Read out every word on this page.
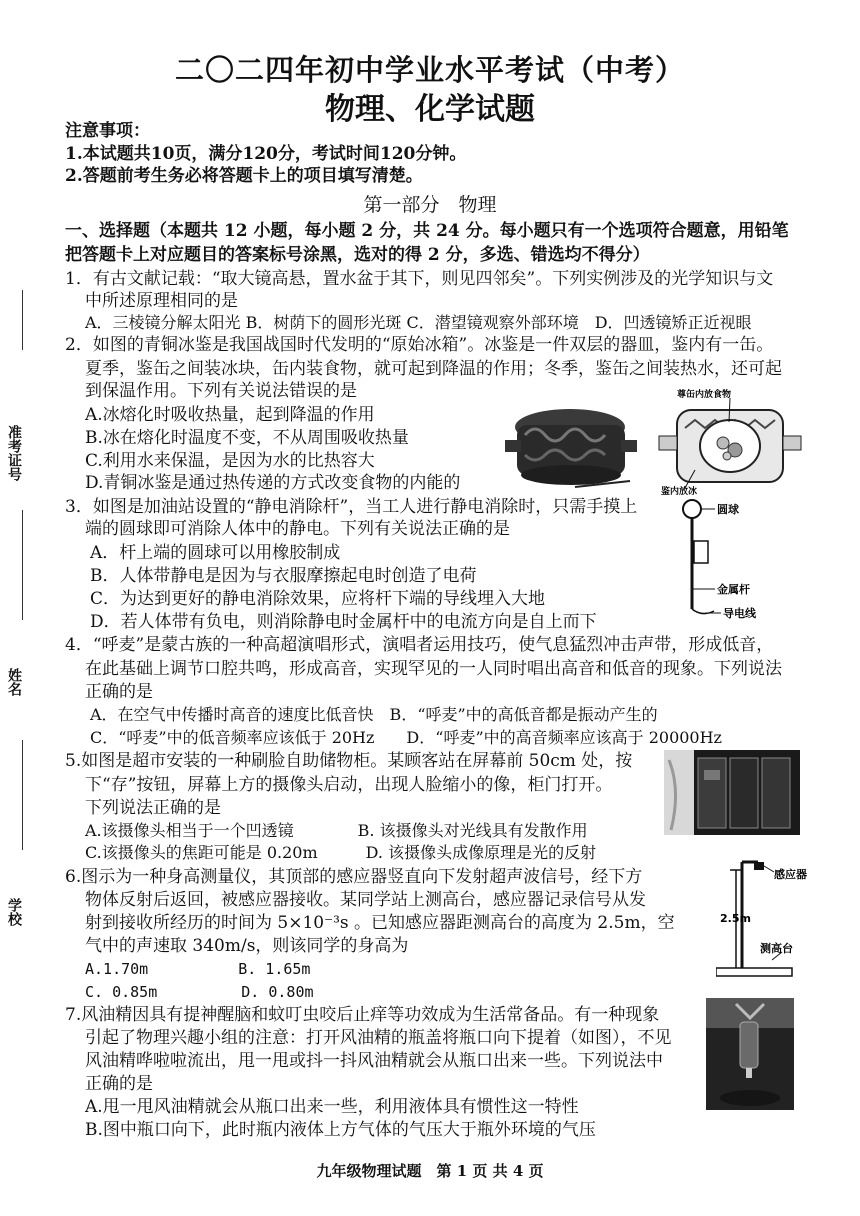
准考证号
姓名
学校
二〇二四年初中学业水平考试（中考）
物理、化学试题
注意事项：
1.本试题共10页，满分120分，考试时间120分钟。
2.答题前考生务必将答题卡上的项目填写清楚。
第一部分　物理
一、选择题（本题共 12 小题，每小题 2 分，共 24 分。每小题只有一个选项符合题意，用铅笔
把答题卡上对应题目的答案标号涂黑，选对的得 2 分，多选、错选均不得分）
1．有古文献记载：“取大镜高悬，置水盆于其下，则见四邻矣”。下列实例涉及的光学知识与文
中所述原理相同的是
A．三棱镜分解太阳光 B．树荫下的圆形光斑 C．潜望镜观察外部环境　D．凹透镜矫正近视眼
2．如图的青铜冰鉴是我国战国时代发明的“原始冰箱”。冰鉴是一件双层的器皿，鉴内有一缶。
夏季，鉴缶之间装冰块，缶内装食物，就可起到降温的作用；冬季，鉴缶之间装热水，还可起
到保温作用。下列有关说法错误的是
A.冰熔化时吸收热量，起到降温的作用
B.冰在熔化时温度不变，不从周围吸收热量
C.利用水来保温，是因为水的比热容大
D.青铜冰鉴是通过热传递的方式改变食物的内能的
尊缶内放食物
鉴内放冰
3．如图是加油站设置的“静电消除杆”，当工人进行静电消除时，只需手摸上
端的圆球即可消除人体中的静电。下列有关说法正确的是
A．杆上端的圆球可以用橡胶制成
B．人体带静电是因为与衣服摩擦起电时创造了电荷
C．为达到更好的静电消除效果，应将杆下端的导线埋入大地
D．若人体带有负电，则消除静电时金属杆中的电流方向是自上而下
圆球
金属杆
导电线
4．“呼麦”是蒙古族的一种高超演唱形式，演唱者运用技巧，使气息猛烈冲击声带，形成低音，
在此基础上调节口腔共鸣，形成高音，实现罕见的一人同时唱出高音和低音的现象。下列说法
正确的是
A．在空气中传播时高音的速度比低音快　B．“呼麦”中的高低音都是振动产生的
C．“呼麦”中的低音频率应该低于 20Hz　　D．“呼麦”中的高音频率应该高于 20000Hz
5.如图是超市安装的一种刷脸自助储物柜。某顾客站在屏幕前 50cm 处，按
下“存”按钮，屏幕上方的摄像头启动，出现人脸缩小的像，柜门打开。
下列说法正确的是
A.该摄像头相当于一个凹透镜　　　　B. 该摄像头对光线具有发散作用
C.该摄像头的焦距可能是 0.20m　　　D. 该摄像头成像原理是光的反射
6.图示为一种身高测量仪，其顶部的感应器竖直向下发射超声波信号，经下方
物体反射后返回，被感应器接收。某同学站上测高台，感应器记录信号从发
射到接收所经历的时间为 5×10⁻³s 。已知感应器距测高台的高度为 2.5m，空
气中的声速取 340m/s，则该同学的身高为
A.1.70m　　　　　　B. 1.65m
C. 0.85m　　　　　 D. 0.80m
2.5m
感应器
测高台
7.风油精因具有提神醒脑和蚊叮虫咬后止痒等功效成为生活常备品。有一种现象
引起了物理兴趣小组的注意：打开风油精的瓶盖将瓶口向下提着（如图），不见
风油精哗啦啦流出，甩一甩或抖一抖风油精就会从瓶口出来一些。下列说法中
正确的是
A.甩一甩风油精就会从瓶口出来一些，利用液体具有惯性这一特性
B.图中瓶口向下，此时瓶内液体上方气体的气压大于瓶外环境的气压
九年级物理试题　第 1 页 共 4 页
